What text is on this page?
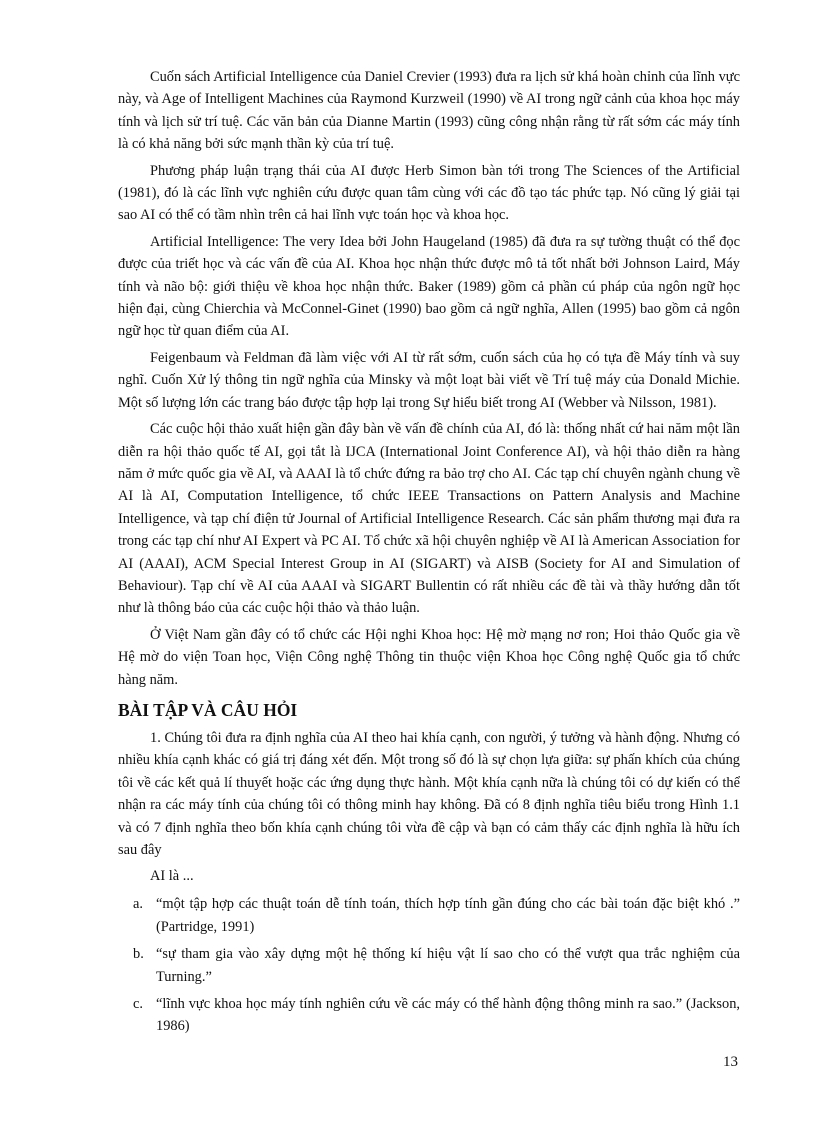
Cuốn sách Artificial Intelligence của Daniel Crevier (1993) đưa ra lịch sử khá hoàn chỉnh của lĩnh vực này, và Age of Intelligent Machines của Raymond Kurzweil (1990) về AI trong ngữ cảnh của khoa học máy tính và lịch sử trí tuệ. Các văn bản của Dianne Martin (1993) cũng công nhận rằng từ rất sớm các máy tính là có khả năng bởi sức mạnh thần kỳ của trí tuệ.

Phương pháp luận trạng thái của AI được Herb Simon bàn tới trong The Sciences of the Artificial (1981), đó là các lĩnh vực nghiên cứu được quan tâm cùng với các đồ tạo tác phức tạp. Nó cũng lý giải tại sao AI có thể có tầm nhìn trên cả hai lĩnh vực toán học và khoa học.

Artificial Intelligence: The very Idea bởi John Haugeland (1985) đã đưa ra sự tường thuật có thể đọc được của triết học và các vấn đề của AI. Khoa học nhận thức được mô tả tốt nhất bởi Johnson Laird, Máy tính và não bộ: giới thiệu về khoa học nhận thức. Baker (1989) gồm cả phần cú pháp của ngôn ngữ học hiện đại, cùng Chierchia và McConnel-Ginet (1990) bao gồm cả ngữ nghĩa, Allen (1995) bao gồm cả ngôn ngữ học từ quan điểm của AI.

Feigenbaum và Feldman đã làm việc với AI từ rất sớm, cuốn sách của họ có tựa đề Máy tính và suy nghĩ. Cuốn Xử lý thông tin ngữ nghĩa của Minsky và một loạt bài viết về Trí tuệ máy của Donald Michie. Một số lượng lớn các trang báo được tập hợp lại trong Sự hiểu biết trong AI (Webber và Nilsson, 1981).

Các cuộc hội thảo xuất hiện gần đây bàn về vấn đề chính của AI, đó là: thống nhất cứ hai năm một lần diễn ra hội thảo quốc tế AI, gọi tắt là IJCA (International Joint Conference AI), và hội thảo diễn ra hàng năm ở mức quốc gia về AI, và AAAI là tổ chức đứng ra bảo trợ cho AI. Các tạp chí chuyên ngành chung về AI là AI, Computation Intelligence, tổ chức IEEE Transactions on Pattern Analysis and Machine Intelligence, và tạp chí điện tử Journal of Artificial Intelligence Research. Các sản phẩm thương mại đưa ra trong các tạp chí như AI Expert và PC AI. Tổ chức xã hội chuyên nghiệp về AI là American Association for AI (AAAI), ACM Special Interest Group in AI (SIGART) và AISB (Society for AI and Simulation of Behaviour). Tạp chí về AI của AAAI và SIGART Bullentin có rất nhiều các đề tài và thầy hướng dẫn tốt như là thông báo của các cuộc hội thảo và thảo luận.

Ở Việt Nam gần đây có tổ chức các Hội nghi Khoa học: Hệ mờ mạng nơ ron; Hoi thảo Quốc gia về Hệ mờ do viện Toan học, Viện Công nghệ Thông tin thuộc viện Khoa học Công nghệ Quốc gia tổ chức hàng năm.

BÀI TẬP VÀ CÂU HỎI

1. Chúng tôi đưa ra định nghĩa của AI theo hai khía cạnh, con người, ý tưởng và hành động. Nhưng có nhiều khía cạnh khác có giá trị đáng xét đến. Một trong số đó là sự chọn lựa giữa: sự phấn khích của chúng tôi về các kết quả lí thuyết hoặc các ứng dụng thực hành. Một khía cạnh nữa là chúng tôi có dự kiến có thể nhận ra các máy tính của chúng tôi có thông minh hay không. Đã có 8 định nghĩa tiêu biểu trong Hình 1.1 và có 7 định nghĩa theo bốn khía cạnh chúng tôi vừa đề cập và bạn có cảm thấy các định nghĩa là hữu ích sau đây

AI là ...

a. “một tập hợp các thuật toán dễ tính toán, thích hợp tính gần đúng cho các bài toán đặc biệt khó .” (Partridge, 1991)
b. “sự tham gia vào xây dựng một hệ thống kí hiệu vật lí sao cho có thể vượt qua trắc nghiệm của Turning.”
c. “lĩnh vực khoa học máy tính nghiên cứu về các máy có thể hành động thông minh ra sao.” (Jackson, 1986)
13
